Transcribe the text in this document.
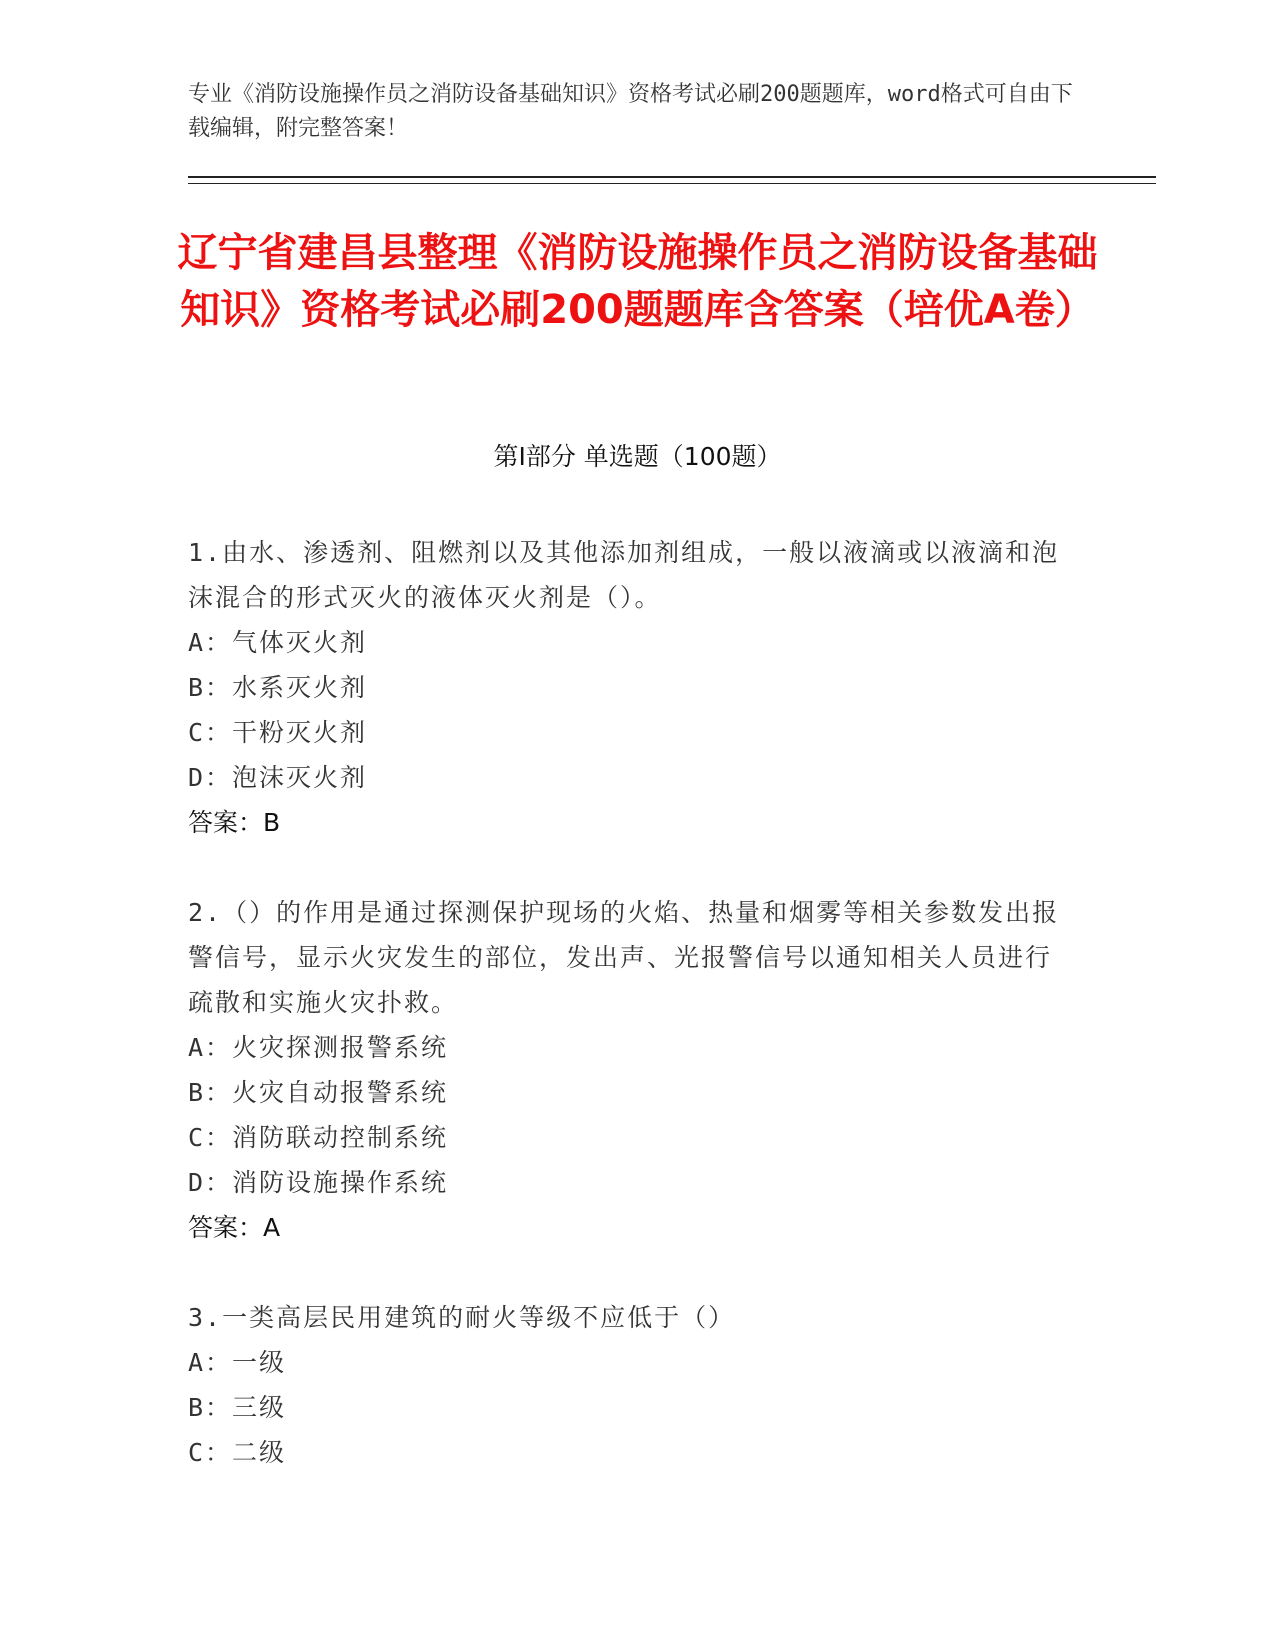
专业《消防设施操作员之消防设备基础知识》资格考试必刷200题题库，word格式可自由下载编辑，附完整答案！
辽宁省建昌县整理《消防设施操作员之消防设备基础知识》资格考试必刷200题题库含答案（培优A卷）
第I部分 单选题（100题）
1.由水、渗透剂、阻燃剂以及其他添加剂组成，一般以液滴或以液滴和泡沫混合的形式灭火的液体灭火剂是（）。
A：气体灭火剂
B：水系灭火剂
C：干粉灭火剂
D：泡沫灭火剂
答案：B
2.（）的作用是通过探测保护现场的火焰、热量和烟雾等相关参数发出报警信号，显示火灾发生的部位，发出声、光报警信号以通知相关人员进行疏散和实施火灾扑救。
A：火灾探测报警系统
B：火灾自动报警系统
C：消防联动控制系统
D：消防设施操作系统
答案：A
3.一类高层民用建筑的耐火等级不应低于（）
A：一级
B：三级
C：二级
